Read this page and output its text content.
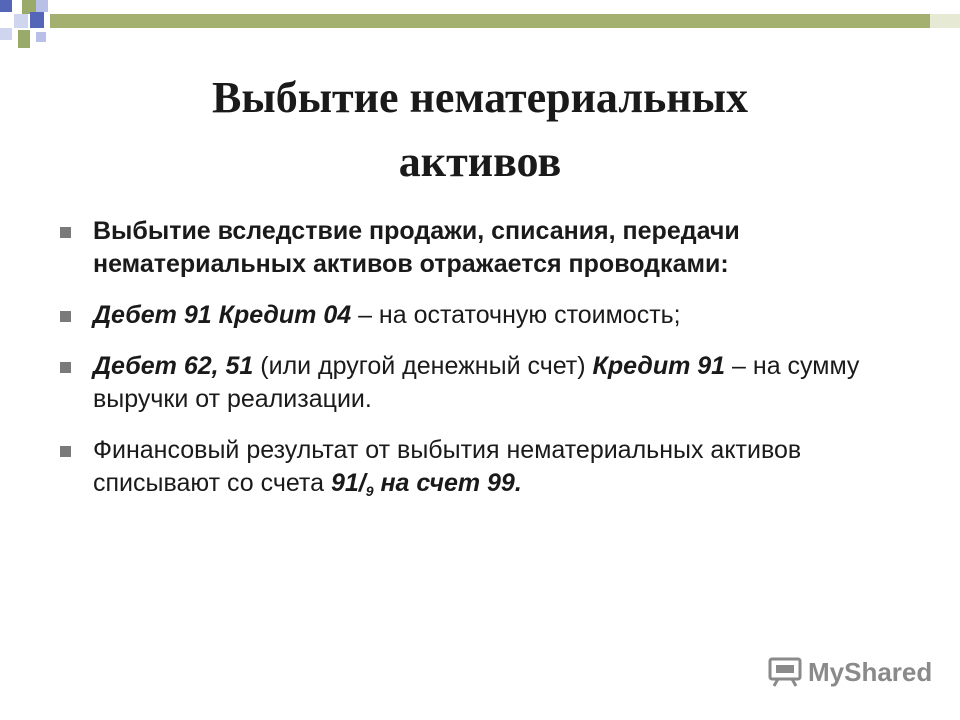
Выбытие нематериальных
активов
Выбытие вследствие продажи, списания, передачи нематериальных активов отражается проводками:
Дебет 91 Кредит 04 – на остаточную стоимость;
Дебет 62, 51 (или другой денежный счет) Кредит 91 – на сумму выручки от реализации.
Финансовый результат от выбытия нематериальных активов списывают со счета $91/_9$ на счет 99.
MyShared
